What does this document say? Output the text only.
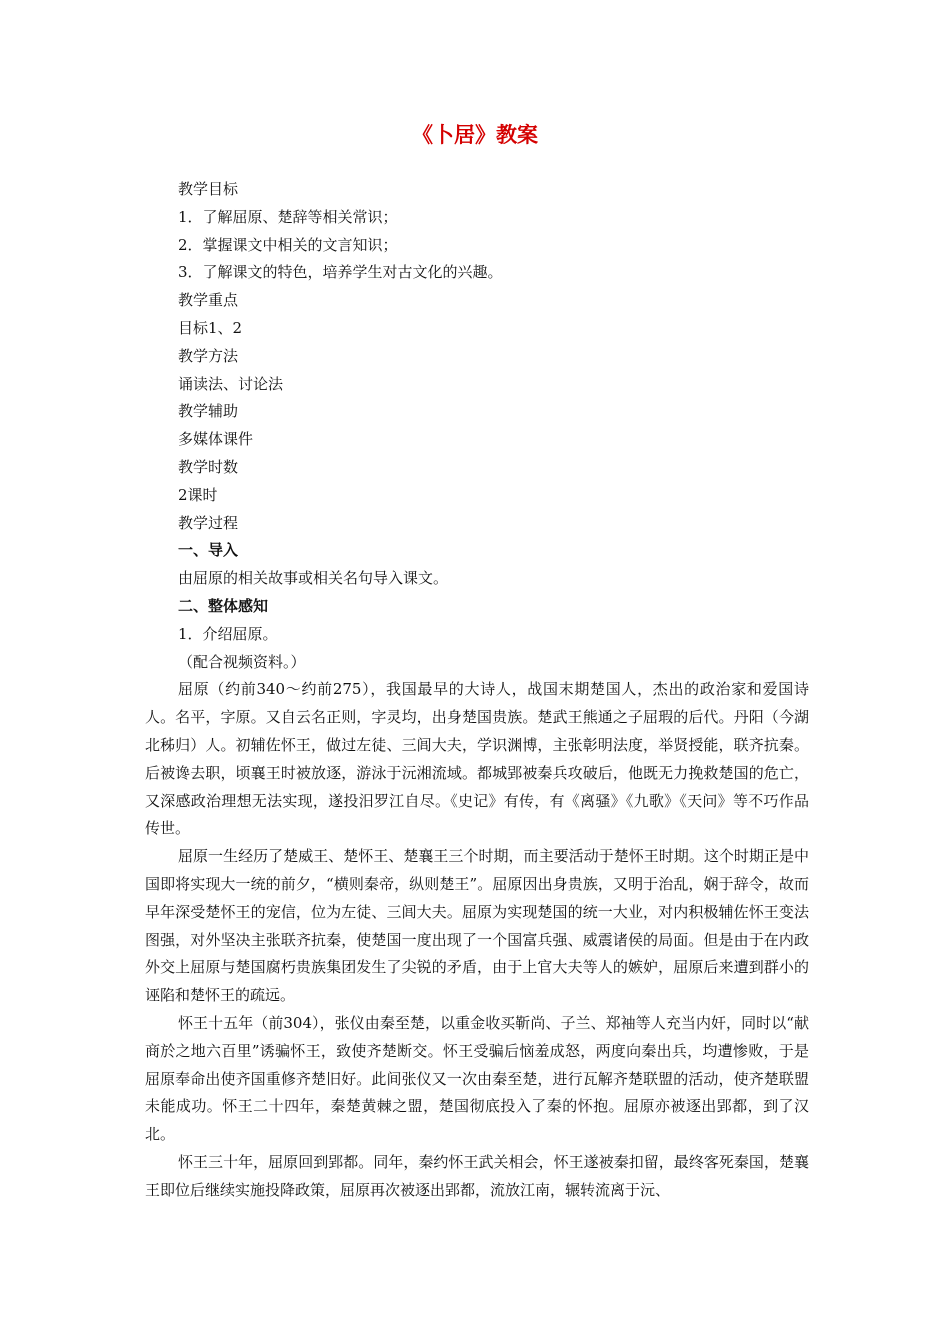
《卜居》教案

教学目标

1．了解屈原、楚辞等相关常识；

2．掌握课文中相关的文言知识；

3．了解课文的特色，培养学生对古文化的兴趣。

教学重点

目标1、2

教学方法

诵读法、讨论法

教学辅助

多媒体课件

教学时数

2课时

教学过程

一、导入

由屈原的相关故事或相关名句导入课文。

二、整体感知

1．介绍屈原。

（配合视频资料。）

屈原（约前340～约前275），我国最早的大诗人，战国末期楚国人，杰出的政治家和爱国诗人。名平，字原。又自云名正则，字灵均，出身楚国贵族。楚武王熊通之子屈瑕的后代。丹阳（今湖北秭归）人。初辅佐怀王，做过左徒、三闾大夫，学识渊博，主张彰明法度，举贤授能，联齐抗秦。后被谗去职，顷襄王时被放逐，游泳于沅湘流域。都城郢被秦兵攻破后，他既无力挽救楚国的危亡，又深感政治理想无法实现，遂投汨罗江自尽。《史记》有传，有《离骚》《九歌》《天问》等不巧作品传世。

屈原一生经历了楚威王、楚怀王、楚襄王三个时期，而主要活动于楚怀王时期。这个时期正是中国即将实现大一统的前夕，“横则秦帝，纵则楚王”。屈原因出身贵族，又明于治乱，娴于辞令，故而早年深受楚怀王的宠信，位为左徒、三闾大夫。屈原为实现楚国的统一大业，对内积极辅佐怀王变法图强，对外坚决主张联齐抗秦，使楚国一度出现了一个国富兵强、威震诸侯的局面。但是由于在内政外交上屈原与楚国腐朽贵族集团发生了尖锐的矛盾，由于上官大夫等人的嫉妒，屈原后来遭到群小的诬陷和楚怀王的疏远。

怀王十五年（前304），张仪由秦至楚，以重金收买靳尚、子兰、郑袖等人充当内奸，同时以“献商於之地六百里”诱骗怀王，致使齐楚断交。怀王受骗后恼羞成怒，两度向秦出兵，均遭惨败，于是屈原奉命出使齐国重修齐楚旧好。此间张仪又一次由秦至楚，进行瓦解齐楚联盟的活动，使齐楚联盟未能成功。怀王二十四年，秦楚黄棘之盟，楚国彻底投入了秦的怀抱。屈原亦被逐出郢都，到了汉北。

怀王三十年，屈原回到郢都。同年，秦约怀王武关相会，怀王遂被秦扣留，最终客死秦国，楚襄王即位后继续实施投降政策，屈原再次被逐出郢都，流放江南，辗转流离于沅、
